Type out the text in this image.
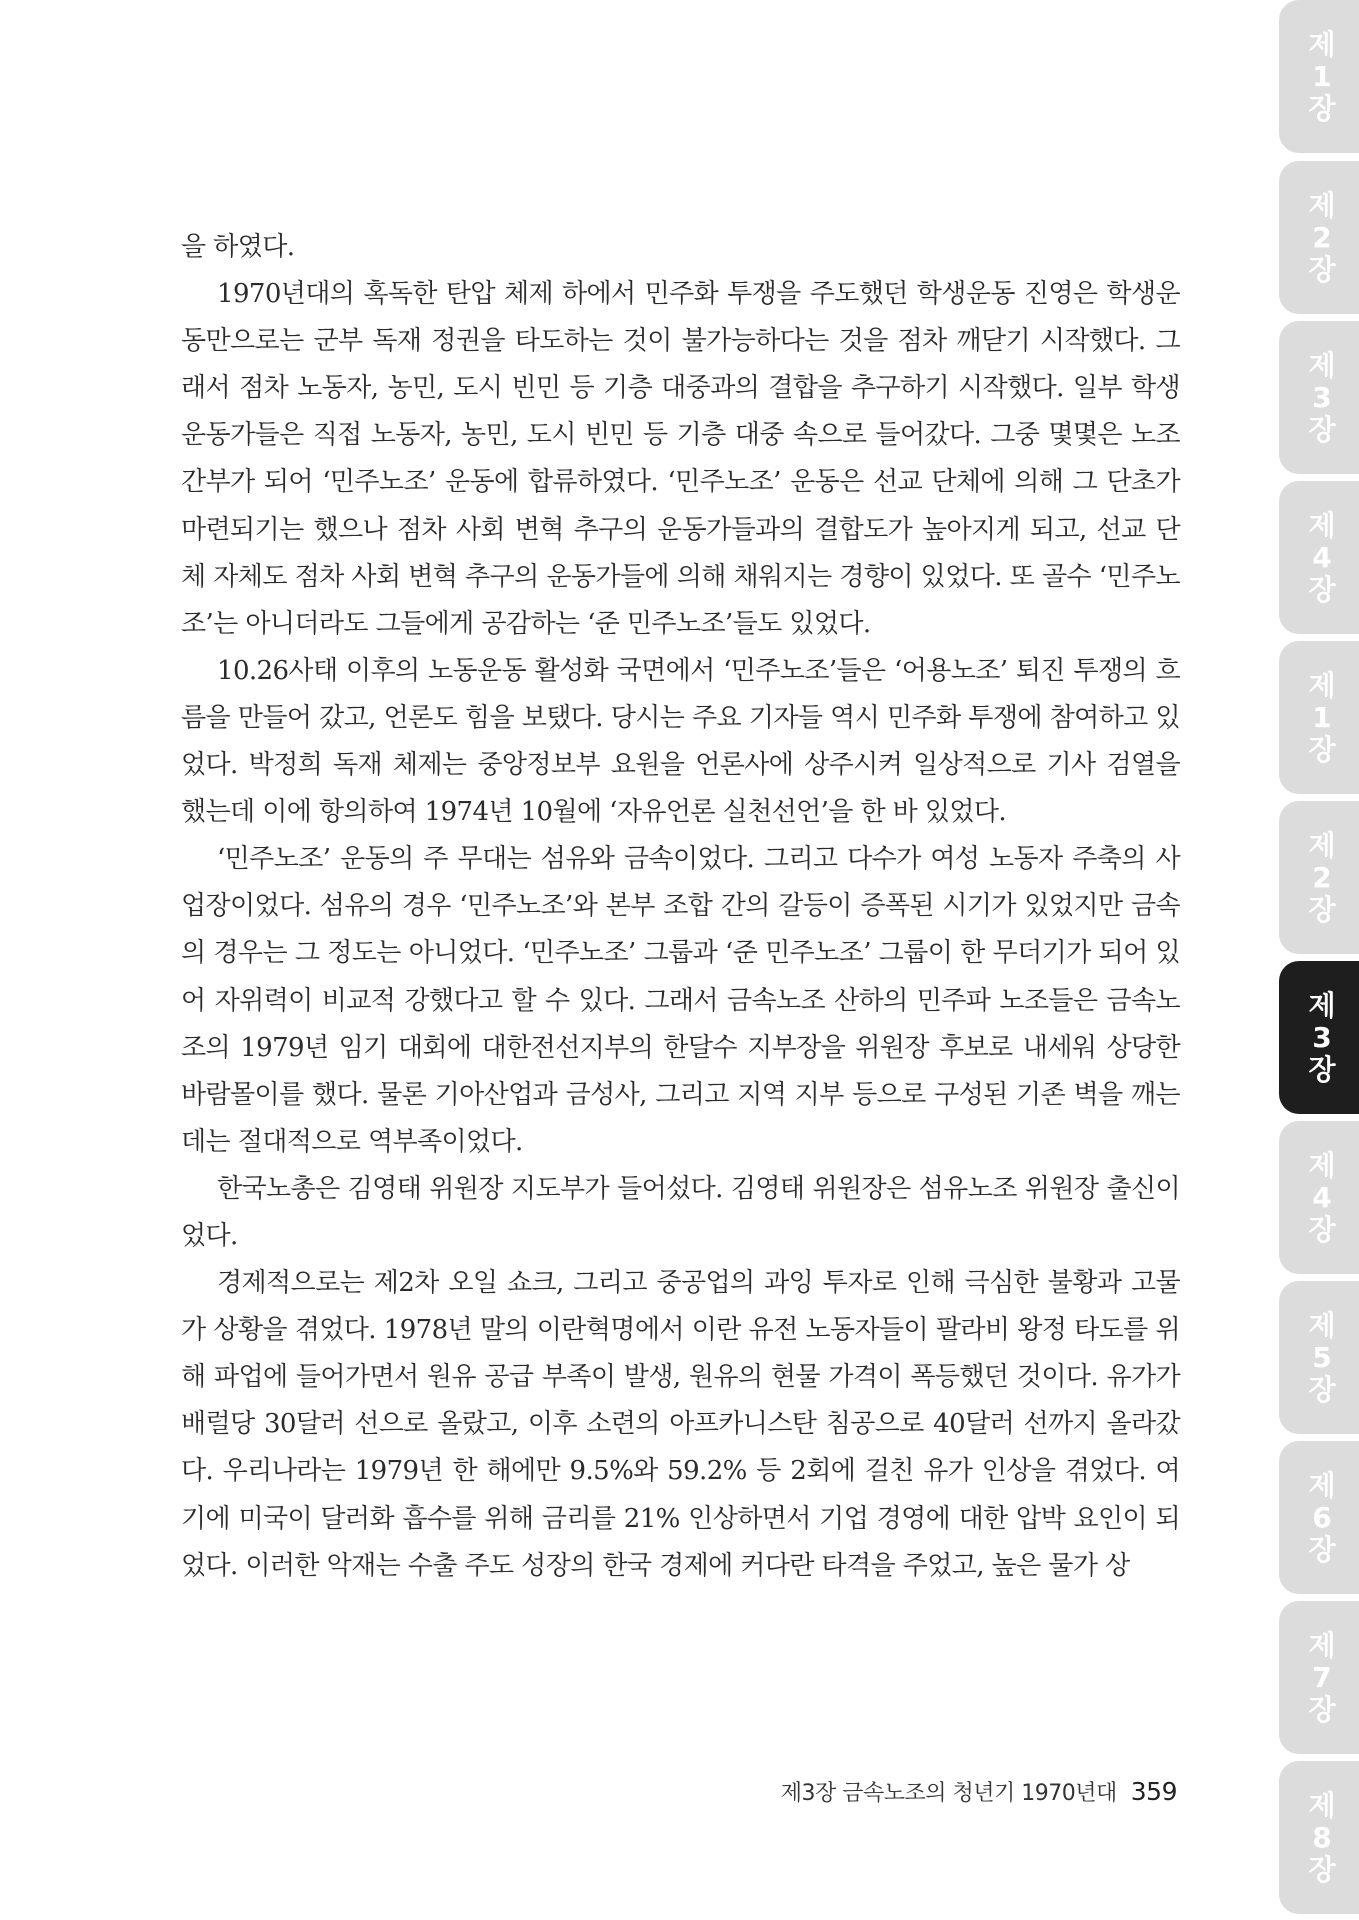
을 하였다.

1970년대의 혹독한 탄압 체제 하에서 민주화 투쟁을 주도했던 학생운동 진영은 학생운동만으로는 군부 독재 정권을 타도하는 것이 불가능하다는 것을 점차 깨닫기 시작했다. 그래서 점차 노동자, 농민, 도시 빈민 등 기층 대중과의 결합을 추구하기 시작했다. 일부 학생운동가들은 직접 노동자, 농민, 도시 빈민 등 기층 대중 속으로 들어갔다. 그중 몇몇은 노조 간부가 되어 ‘민주노조’ 운동에 합류하였다. ‘민주노조’ 운동은 선교 단체에 의해 그 단초가 마련되기는 했으나 점차 사회 변혁 추구의 운동가들과의 결합도가 높아지게 되고, 선교 단체 자체도 점차 사회 변혁 추구의 운동가들에 의해 채워지는 경향이 있었다. 또 골수 ‘민주노조’는 아니더라도 그들에게 공감하는 ‘준 민주노조’들도 있었다.

10.26사태 이후의 노동운동 활성화 국면에서 ‘민주노조’들은 ‘어용노조’ 퇴진 투쟁의 흐름을 만들어 갔고, 언론도 힘을 보탰다. 당시는 주요 기자들 역시 민주화 투쟁에 참여하고 있었다. 박정희 독재 체제는 중앙정보부 요원을 언론사에 상주시켜 일상적으로 기사 검열을 했는데 이에 항의하여 1974년 10월에 ‘자유언론 실천선언’을 한 바 있었다.

‘민주노조’ 운동의 주 무대는 섬유와 금속이었다. 그리고 다수가 여성 노동자 주축의 사업장이었다. 섬유의 경우 ‘민주노조’와 본부 조합 간의 갈등이 증폭된 시기가 있었지만 금속의 경우는 그 정도는 아니었다. ‘민주노조’ 그룹과 ‘준 민주노조’ 그룹이 한 무더기가 되어 있어 자위력이 비교적 강했다고 할 수 있다. 그래서 금속노조 산하의 민주파 노조들은 금속노조의 1979년 임기 대회에 대한전선지부의 한달수 지부장을 위원장 후보로 내세워 상당한 바람몰이를 했다. 물론 기아산업과 금성사, 그리고 지역 지부 등으로 구성된 기존 벽을 깨는 데는 절대적으로 역부족이었다.

한국노총은 김영태 위원장 지도부가 들어섰다. 김영태 위원장은 섬유노조 위원장 출신이었다.

경제적으로는 제2차 오일 쇼크, 그리고 중공업의 과잉 투자로 인해 극심한 불황과 고물가 상황을 겪었다. 1978년 말의 이란혁명에서 이란 유전 노동자들이 팔라비 왕정 타도를 위해 파업에 들어가면서 원유 공급 부족이 발생, 원유의 현물 가격이 폭등했던 것이다. 유가가 배럴당 30달러 선으로 올랐고, 이후 소련의 아프카니스탄 침공으로 40달러 선까지 올라갔다. 우리나라는 1979년 한 해에만 9.5%와 59.2% 등 2회에 걸친 유가 인상을 겪었다. 여기에 미국이 달러화 흡수를 위해 금리를 21% 인상하면서 기업 경영에 대한 압박 요인이 되었다. 이러한 악재는 수출 주도 성장의 한국 경제에 커다란 타격을 주었고, 높은 물가 상

제3장 금속노조의 청년기 1970년대 359
제1장
제2장
제3장
제4장
제1장
제2장
제3장
제4장
제5장
제6장
제7장
제8장
